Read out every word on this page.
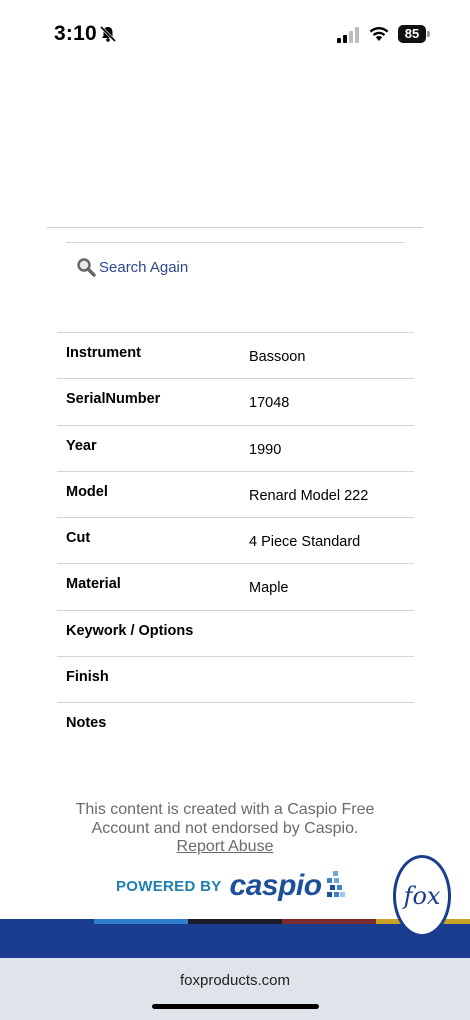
3:10	85
Search Again
Instrument	Bassoon
SerialNumber	17048
Year	1990
Model	Renard Model 222
Cut	4 Piece Standard
Material	Maple
Keywork / Options
Finish
Notes
This content is created with a Caspio Free
Account and not endorsed by Caspio.
Report Abuse
POWERED BY caspio	fox
foxproducts.com
